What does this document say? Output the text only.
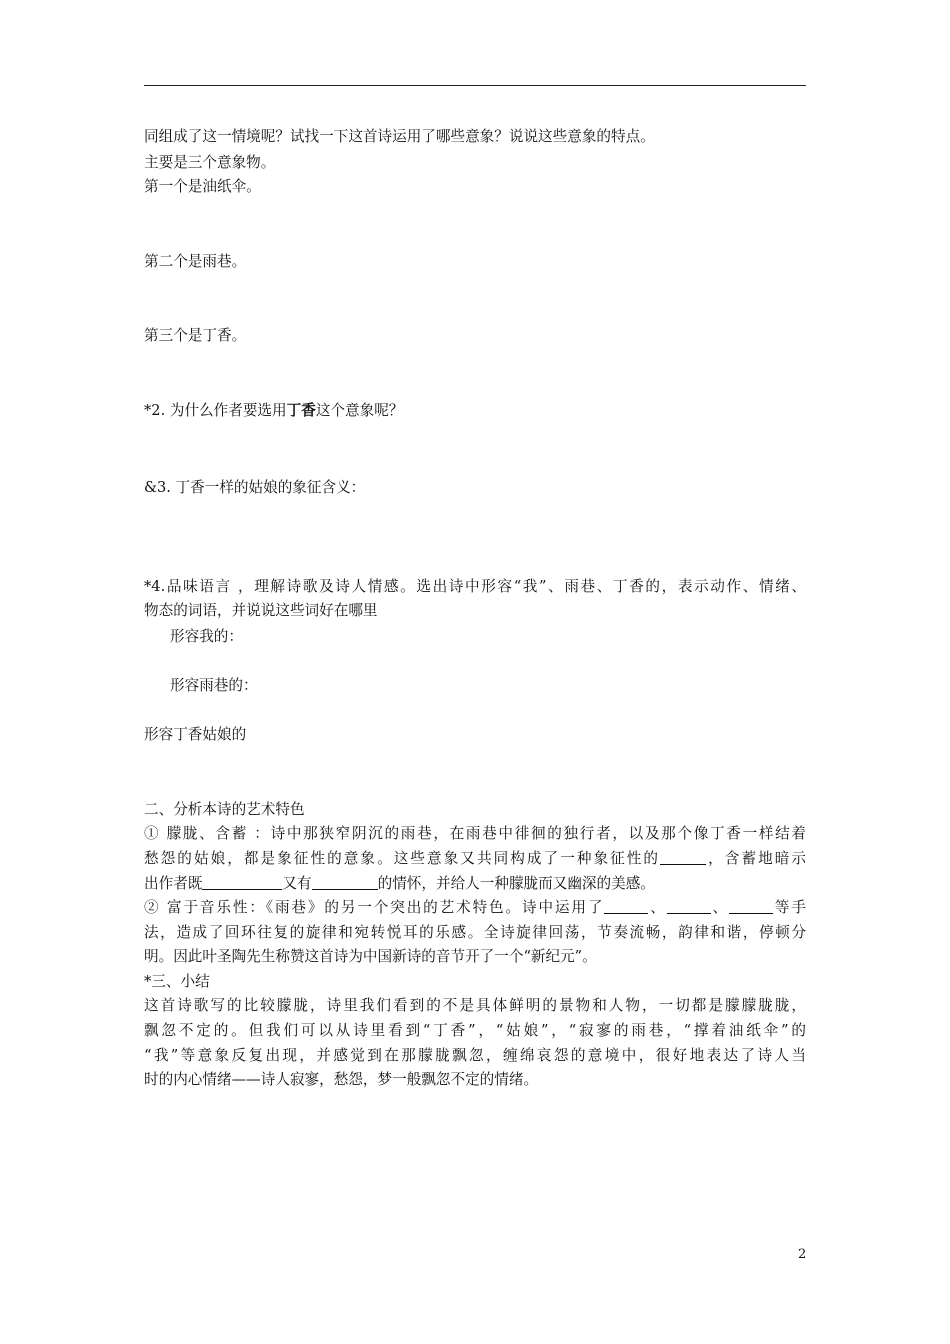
同组成了这一情境呢？试找一下这首诗运用了哪些意象？说说这些意象的特点。
主要是三个意象物。
第一个是油纸伞。
第二个是雨巷。
第三个是丁香。
*2. 为什么作者要选用丁香这个意象呢？
&3. 丁香一样的姑娘的象征含义：
*4.品味语言 ，理解诗歌及诗人情感。选出诗中形容“我”、雨巷、丁香的，表示动作、情绪、
物态的词语，并说说这些词好在哪里
形容我的：
形容雨巷的：
形容丁香姑娘的
二、分析本诗的艺术特色
① 朦胧、含蓄 ：诗中那狭窄阴沉的雨巷，在雨巷中徘徊的独行者，以及那个像丁香一样结着
愁怨的姑娘，都是象征性的意象。这些意象又共同构成了一种象征性的	，含蓄地暗示
出作者既	又有	的情怀，并给人一种朦胧而又幽深的美感。
② 富于音乐性：《雨巷》的另一个突出的艺术特色。诗中运用了	、	、	等手
法，造成了回环往复的旋律和宛转悦耳的乐感。全诗旋律回荡，节奏流畅，韵律和谐，停顿分
明。因此叶圣陶先生称赞这首诗为中国新诗的音节开了一个“新纪元”。
*三、小结
这首诗歌写的比较朦胧，诗里我们看到的不是具体鲜明的景物和人物，一切都是朦朦胧胧，
飘忽不定的。但我们可以从诗里看到“丁香”，“姑娘”，“寂寥的雨巷，“撑着油纸伞”的
“我”等意象反复出现，并感觉到在那朦胧飘忽，缠绵哀怨的意境中，很好地表达了诗人当
时的内心情绪——诗人寂寥，愁怨，梦一般飘忽不定的情绪。
2
